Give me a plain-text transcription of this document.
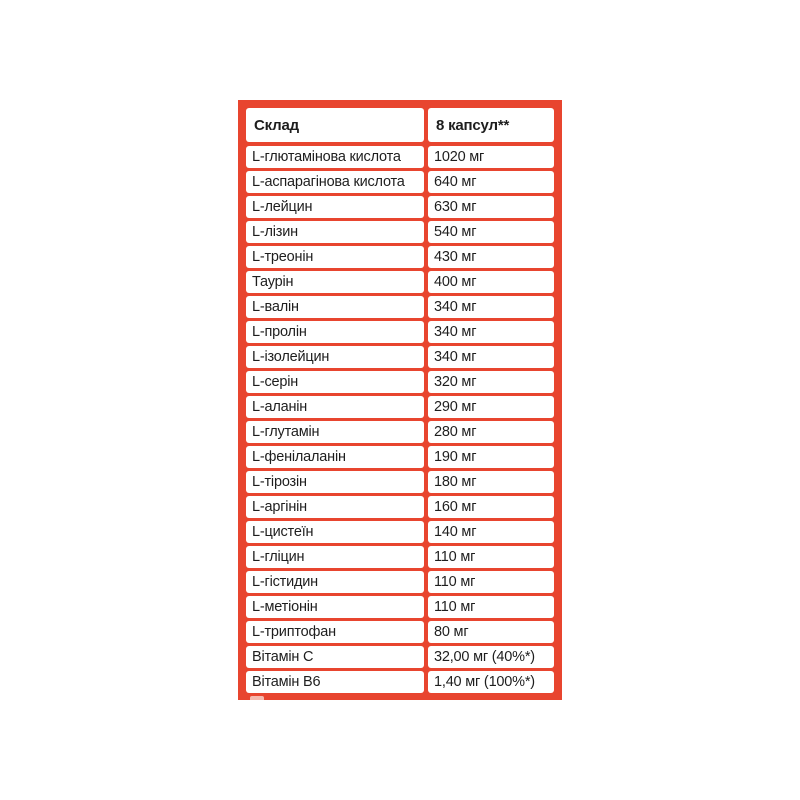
Склад	8 капсул**
L-глютамінова кислота	1020 мг
L-аспарагінова кислота	640 мг
L-лейцин	630 мг
L-лізин	540 мг
L-треонін	430 мг
Таурін	400 мг
L-валін	340 мг
L-пролін	340 мг
L-ізолейцин	340 мг
L-серін	320 мг
L-аланін	290 мг
L-глутамін	280 мг
L-фенілаланін	190 мг
L-тірозін	180 мг
L-аргінін	160 мг
L-цистеїн	140 мг
L-гліцин	110 мг
L-гістидин	110 мг
L-метіонін	110 мг
L-триптофан	80 мг
Вітамін С	32,00 мг (40%*)
Вітамін В6	1,40 мг (100%*)
